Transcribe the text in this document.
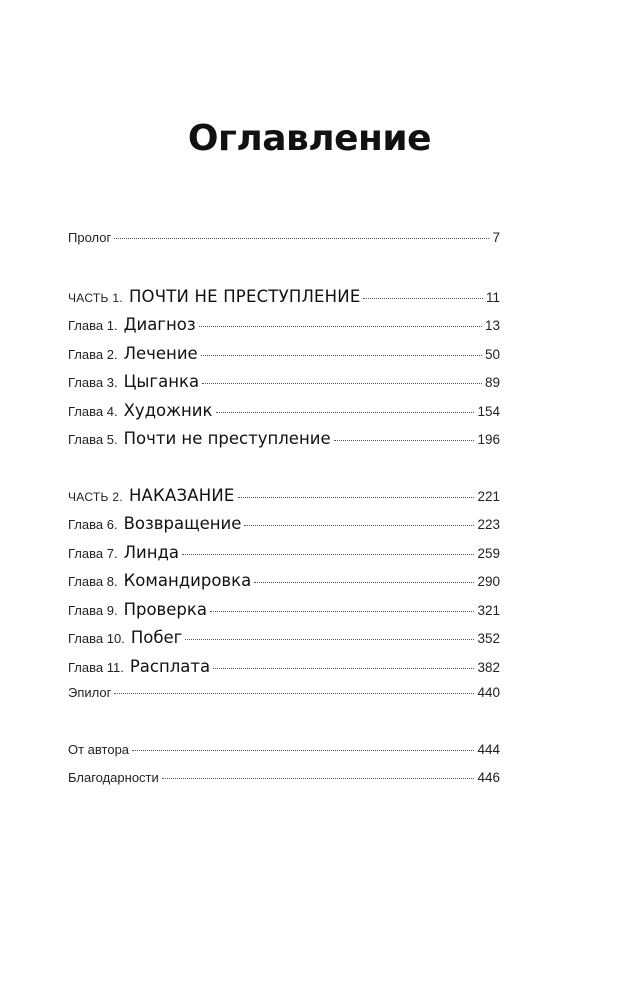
Оглавление
Пролог	7
ЧАСТЬ 1. ПОЧТИ НЕ ПРЕСТУПЛЕНИЕ	11
Глава 1. Диагноз	13
Глава 2. Лечение	50
Глава 3. Цыганка	89
Глава 4. Художник	154
Глава 5. Почти не преступление	196
ЧАСТЬ 2. НАКАЗАНИЕ	221
Глава 6. Возвращение	223
Глава 7. Линда	259
Глава 8. Командировка	290
Глава 9. Проверка	321
Глава 10. Побег	352
Глава 11. Расплата	382
Эпилог	440
От автора	444
Благодарности	446
